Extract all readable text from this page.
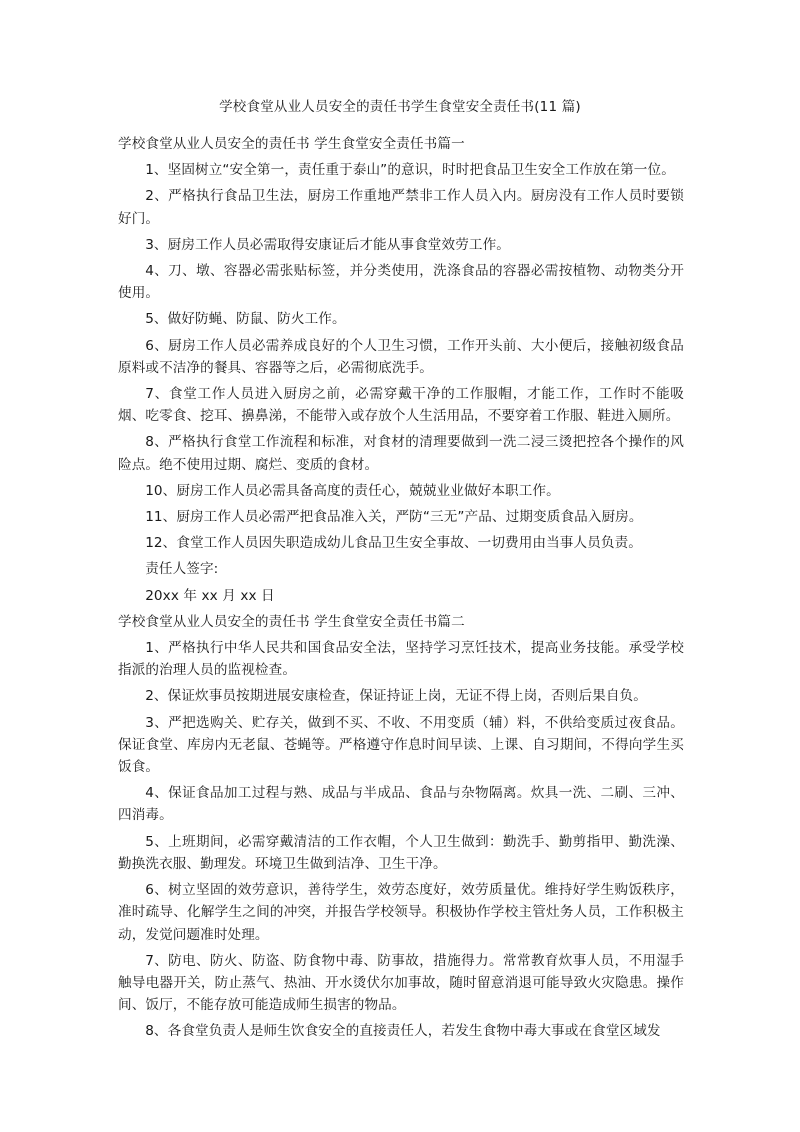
学校食堂从业人员安全的责任书学生食堂安全责任书(11 篇)

学校食堂从业人员安全的责任书 学生食堂安全责任书篇一

1、坚固树立“安全第一，责任重于泰山”的意识，时时把食品卫生安全工作放在第一位。

2、严格执行食品卫生法，厨房工作重地严禁非工作人员入内。厨房没有工作人员时要锁好门。

3、厨房工作人员必需取得安康证后才能从事食堂效劳工作。

4、刀、墩、容器必需张贴标签，并分类使用，洗涤食品的容器必需按植物、动物类分开使用。

5、做好防蝇、防鼠、防火工作。

6、厨房工作人员必需养成良好的个人卫生习惯，工作开头前、大小便后，接触初级食品原料或不洁净的餐具、容器等之后，必需彻底洗手。

7、食堂工作人员进入厨房之前，必需穿戴干净的工作服帽，才能工作，工作时不能吸烟、吃零食、挖耳、擤鼻涕，不能带入或存放个人生活用品，不要穿着工作服、鞋进入厕所。

8、严格执行食堂工作流程和标准，对食材的清理要做到一洗二浸三烫把控各个操作的风险点。绝不使用过期、腐烂、变质的食材。

10、厨房工作人员必需具备高度的责任心，兢兢业业做好本职工作。

11、厨房工作人员必需严把食品准入关，严防“三无”产品、过期变质食品入厨房。

12、食堂工作人员因失职造成幼儿食品卫生安全事故、一切费用由当事人员负责。

责任人签字:

20xx 年 xx 月 xx 日

学校食堂从业人员安全的责任书 学生食堂安全责任书篇二

1、严格执行中华人民共和国食品安全法，坚持学习烹饪技术，提高业务技能。承受学校指派的治理人员的监视检查。

2、保证炊事员按期进展安康检查，保证持证上岗，无证不得上岗，否则后果自负。

3、严把选购关、贮存关，做到不买、不收、不用变质（辅）料，不供给变质过夜食品。保证食堂、库房内无老鼠、苍蝇等。严格遵守作息时间早读、上课、自习期间，不得向学生买饭食。

4、保证食品加工过程与熟、成品与半成品、食品与杂物隔离。炊具一洗、二刷、三冲、四消毒。

5、上班期间，必需穿戴清洁的工作衣帽，个人卫生做到：勤洗手、勤剪指甲、勤洗澡、勤换洗衣服、勤理发。环境卫生做到洁净、卫生干净。

6、树立坚固的效劳意识，善待学生，效劳态度好，效劳质量优。维持好学生购饭秩序，准时疏导、化解学生之间的冲突，并报告学校领导。积极协作学校主管灶务人员，工作积极主动，发觉问题准时处理。

7、防电、防火、防盗、防食物中毒、防事故，措施得力。常常教育炊事人员，不用湿手触导电器开关，防止蒸气、热油、开水烫伏尔加事故，随时留意消退可能导致火灾隐患。操作间、饭厅，不能存放可能造成师生损害的物品。

8、各食堂负责人是师生饮食安全的直接责任人，若发生食物中毒大事或在食堂区域发
